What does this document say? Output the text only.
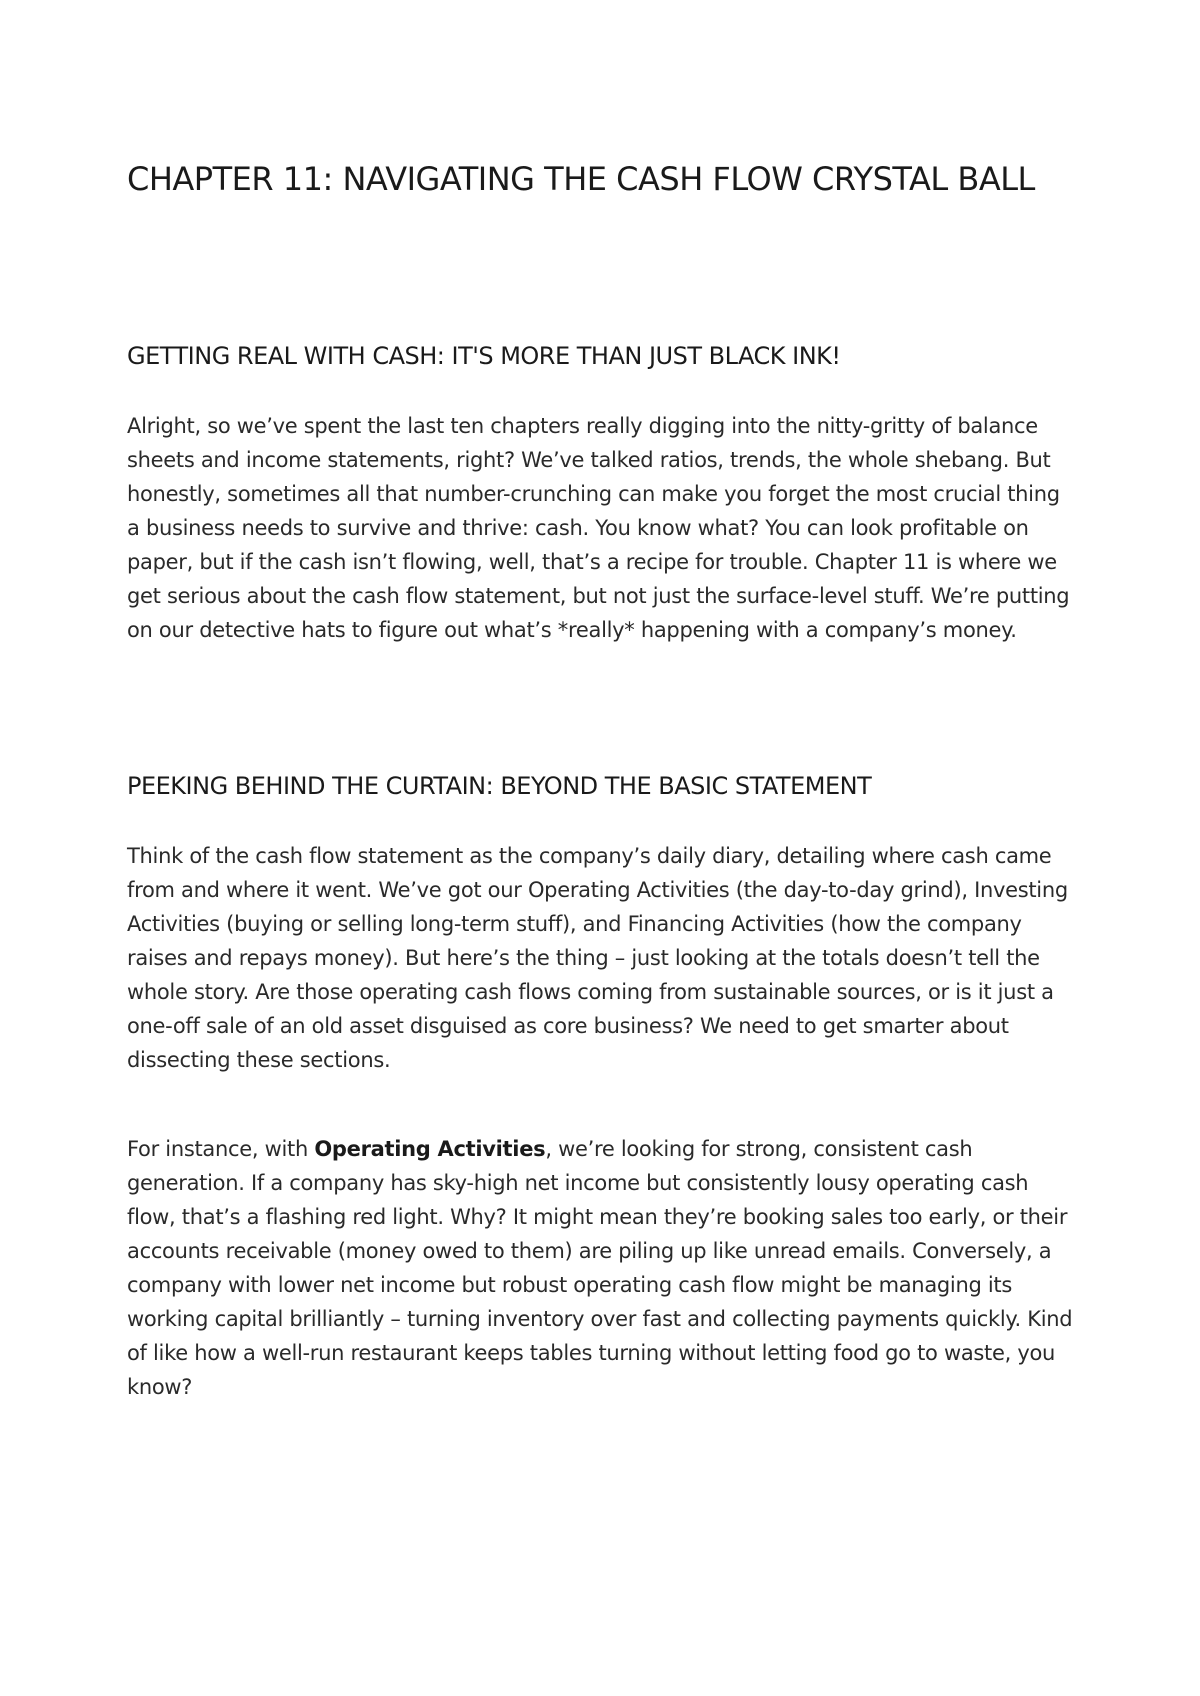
CHAPTER 11: NAVIGATING THE CASH FLOW CRYSTAL BALL
GETTING REAL WITH CASH: IT'S MORE THAN JUST BLACK INK!

Alright, so we’ve spent the last ten chapters really digging into the nitty-gritty of balance sheets and income statements, right? We’ve talked ratios, trends, the whole shebang. But honestly, sometimes all that number-crunching can make you forget the most crucial thing a business needs to survive and thrive: cash. You know what? You can look profitable on paper, but if the cash isn’t flowing, well, that’s a recipe for trouble. Chapter 11 is where we get serious about the cash flow statement, but not just the surface-level stuff. We’re putting on our detective hats to figure out what’s *really* happening with a company’s money.

PEEKING BEHIND THE CURTAIN: BEYOND THE BASIC STATEMENT

Think of the cash flow statement as the company’s daily diary, detailing where cash came from and where it went. We’ve got our Operating Activities (the day-to-day grind), Investing Activities (buying or selling long-term stuff), and Financing Activities (how the company raises and repays money). But here’s the thing – just looking at the totals doesn’t tell the whole story. Are those operating cash flows coming from sustainable sources, or is it just a one-off sale of an old asset disguised as core business? We need to get smarter about dissecting these sections.

For instance, with Operating Activities, we’re looking for strong, consistent cash generation. If a company has sky-high net income but consistently lousy operating cash flow, that’s a flashing red light. Why? It might mean they’re booking sales too early, or their accounts receivable (money owed to them) are piling up like unread emails. Conversely, a company with lower net income but robust operating cash flow might be managing its working capital brilliantly – turning inventory over fast and collecting payments quickly. Kind of like how a well-run restaurant keeps tables turning without letting food go to waste, you know?
